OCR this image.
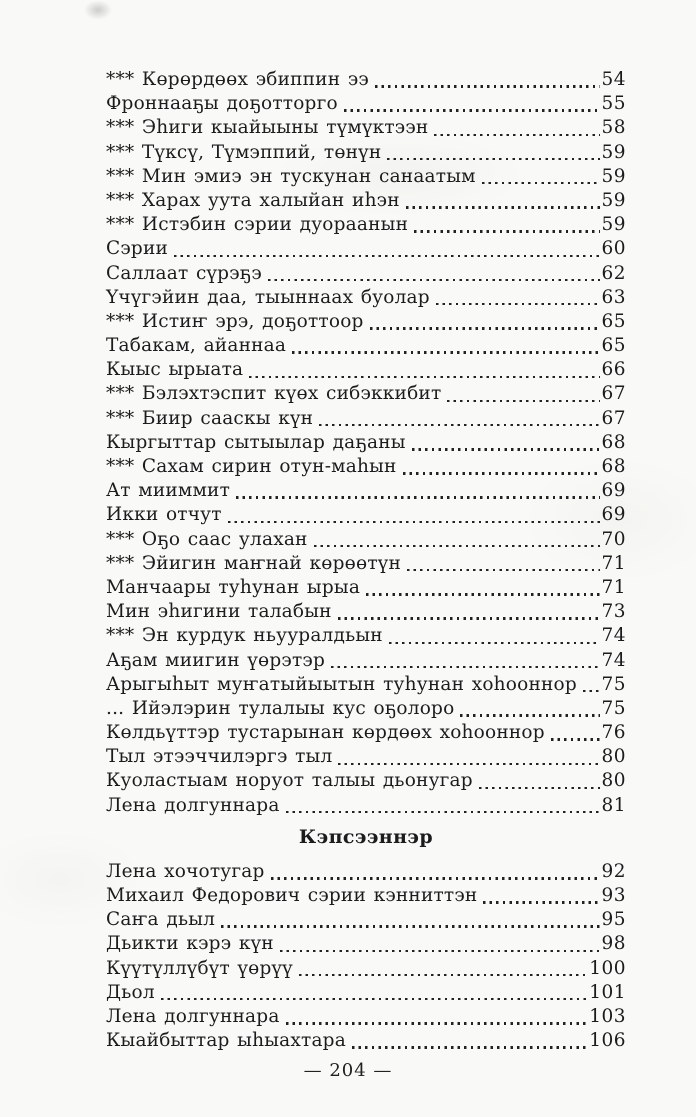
*** Көрөрдөөх эбиппин ээ	54
Фроннааҕы доҕотторго	55
*** Эһиги кыайыыны түмүктээн	58
*** Түксү, Түмэппий, төнүн	59
*** Мин эмиэ эн тускунан санаатым	59
*** Харах уута халыйан иһэн	59
*** Истэбин сэрии дуораанын	59
Сэрии	60
Саллаат сүрэҕэ	62
Үчүгэйин даа, тыыннаах буолар	63
*** Истиҥ эрэ, доҕоттоор	65
Табакам, айаннаа	65
Кыыс ырыата	66
*** Бэлэхтэспит күөх сибэккибит	67
*** Биир сааскы күн	67
Кыргыттар сытыылар даҕаны	68
*** Сахам сирин отун-маһын	68
Ат мииммит	69
Икки отчут	69
*** Оҕо саас улахан	70
*** Эйигин маҥнай көрөөтүн	71
Манчаары туһунан ырыа	71
Мин эһигини талабын	73
*** Эн курдук ньууралдьын	74
Аҕам миигин үөрэтэр	74
Арыгыһыт муҥатыйыытын туһунан хоһооннор 75
... Ийэлэрин тулалыы кус оҕолоро	75
Көлдьүттэр тустарынан көрдөөх хоһооннор	76
Тыл этээччилэргэ тыл	80
Куоластыам норуот талыы дьонугар	80
Лена долгуннара	81
Кэпсээннэр
Лена хочотугар	92
Михаил Федорович сэрии кэнниттэн	93
Саҥа дьыл	95
Дьикти кэрэ күн	98
Күүтүллүбүт үөрүү	100
Дьол	101
Лена долгуннара	103
Кыайбыттар ыһыахтара	106
— 204 —
